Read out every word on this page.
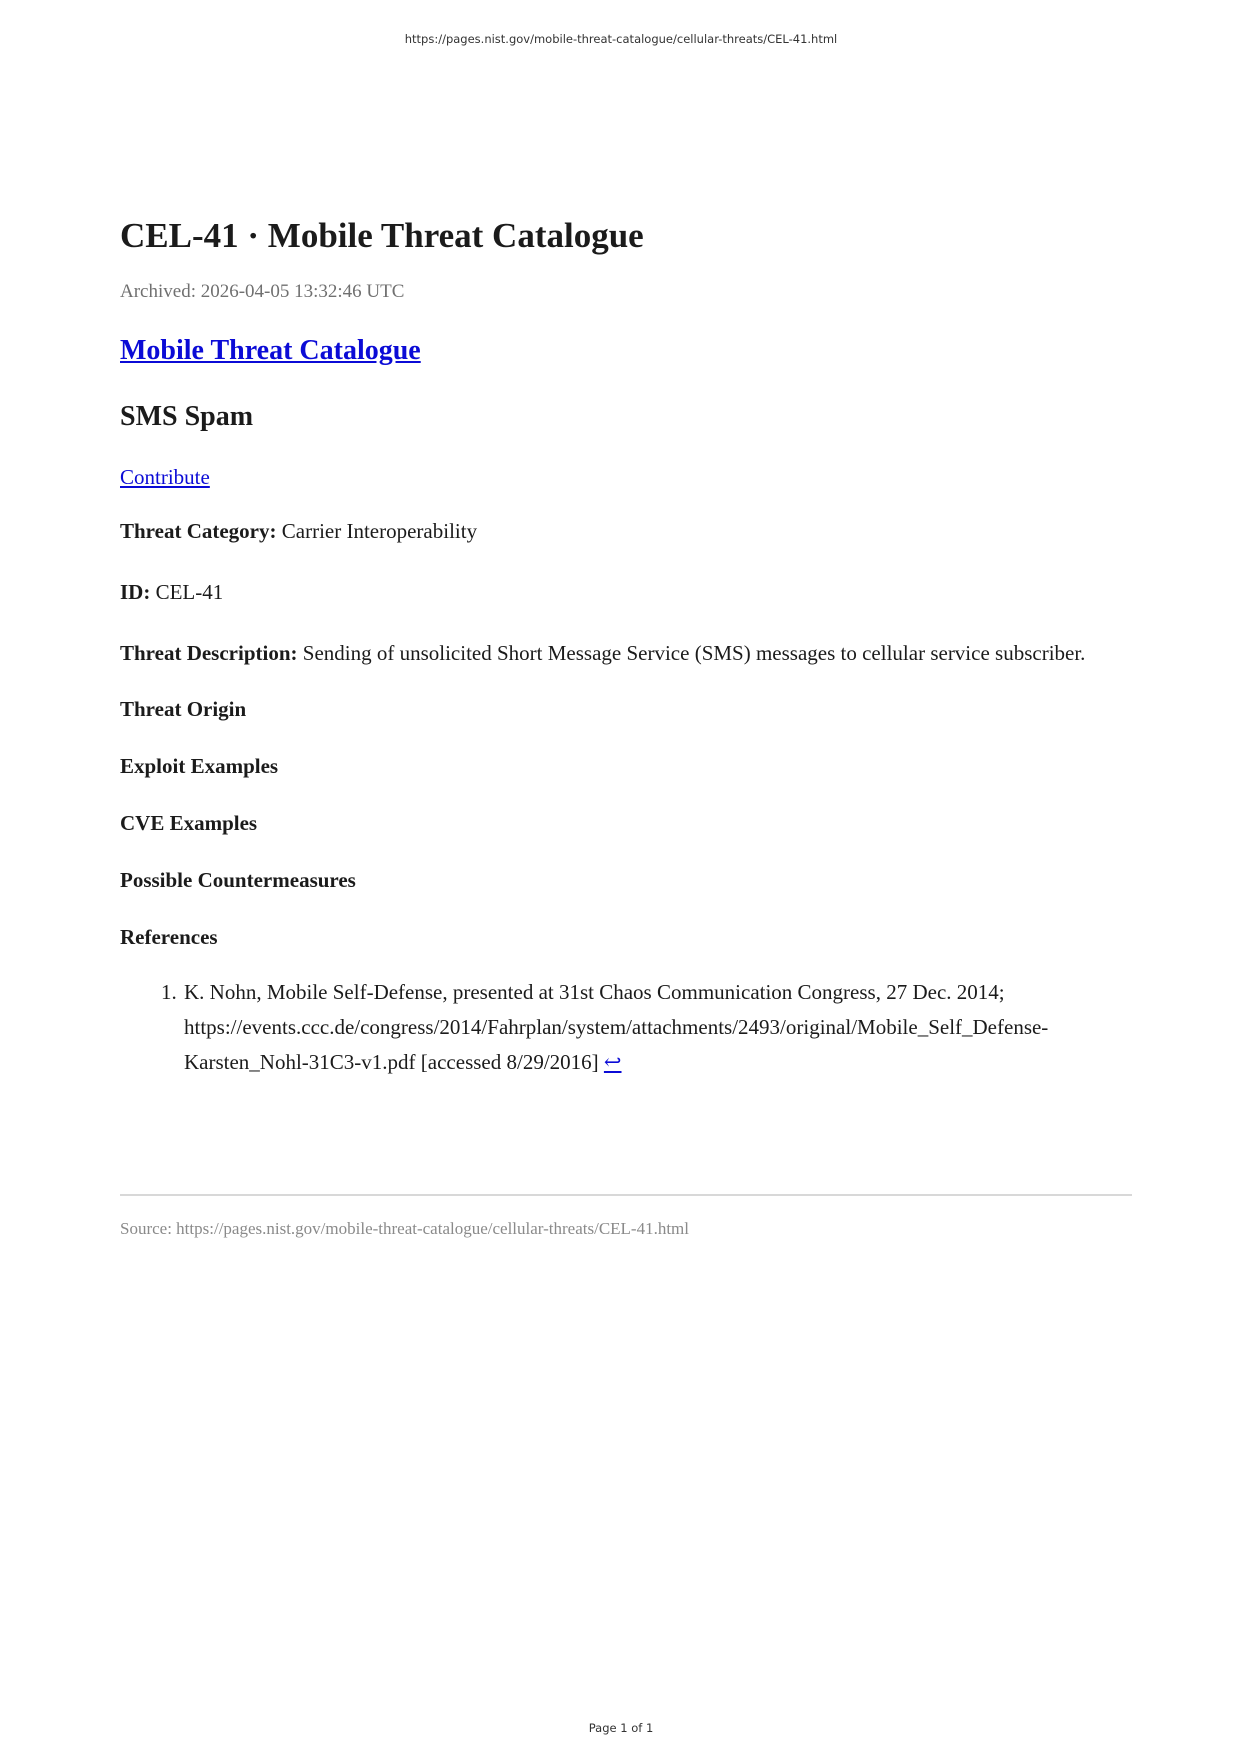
https://pages.nist.gov/mobile-threat-catalogue/cellular-threats/CEL-41.html

CEL-41 · Mobile Threat Catalogue

Archived: 2026-04-05 13:32:46 UTC

Mobile Threat Catalogue
SMS Spam

Contribute

Threat Category: Carrier Interoperability

ID: CEL-41

Threat Description: Sending of unsolicited Short Message Service (SMS) messages to cellular service subscriber.

Threat Origin
Exploit Examples
CVE Examples
Possible Countermeasures
References
1. K. Nohn, Mobile Self-Defense, presented at 31st Chaos Communication Congress, 27 Dec. 2014; https://events.ccc.de/congress/2014/Fahrplan/system/attachments/2493/original/Mobile_Self_Defense-Karsten_Nohl-31C3-v1.pdf [accessed 8/29/2016] ↩

Source: https://pages.nist.gov/mobile-threat-catalogue/cellular-threats/CEL-41.html

Page 1 of 1
